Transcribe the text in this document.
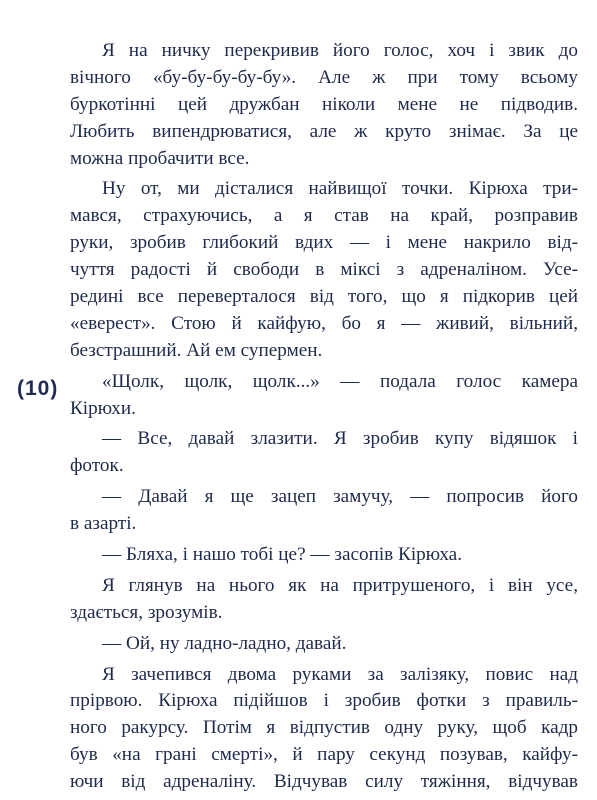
(10)
Я на ничку перекривив його голос, хоч і звик до
вічного «бу-бу-бу-бу-бу». Але ж при тому всьому
буркотінні цей дружбан ніколи мене не підводив.
Любить випендрюватися, але ж круто знімає. За це
можна пробачити все.
Ну от, ми дісталися найвищої точки. Кірюха три-
мався, страхуючись, а я став на край, розправив
руки, зробив глибокий вдих — і мене накрило від-
чуття радості й свободи в міксі з адреналіном. Усе-
редині все переверталося від того, що я підкорив цей
«еверест». Стою й кайфую, бо я — живий, вільний,
безстрашний. Ай ем супермен.
«Щолк, щолк, щолк...» — подала голос камера
Кірюхи.
— Все, давай злазити. Я зробив купу відяшок і
фоток.
— Давай я ще зацеп замучу, — попросив його
в азарті.
— Бляха, і нашо тобі це? — засопів Кірюха.
Я глянув на нього як на притрушеного, і він усе,
здається, зрозумів.
— Ой, ну ладно-ладно, давай.
Я зачепився двома руками за залізяку, повис над
прірвою. Кірюха підійшов і зробив фотки з правиль-
ного ракурсу. Потім я відпустив одну руку, щоб кадр
був «на грані смерті», й пару секунд позував, кайфу-
ючи від адреналіну. Відчував силу тяжіння, відчував
